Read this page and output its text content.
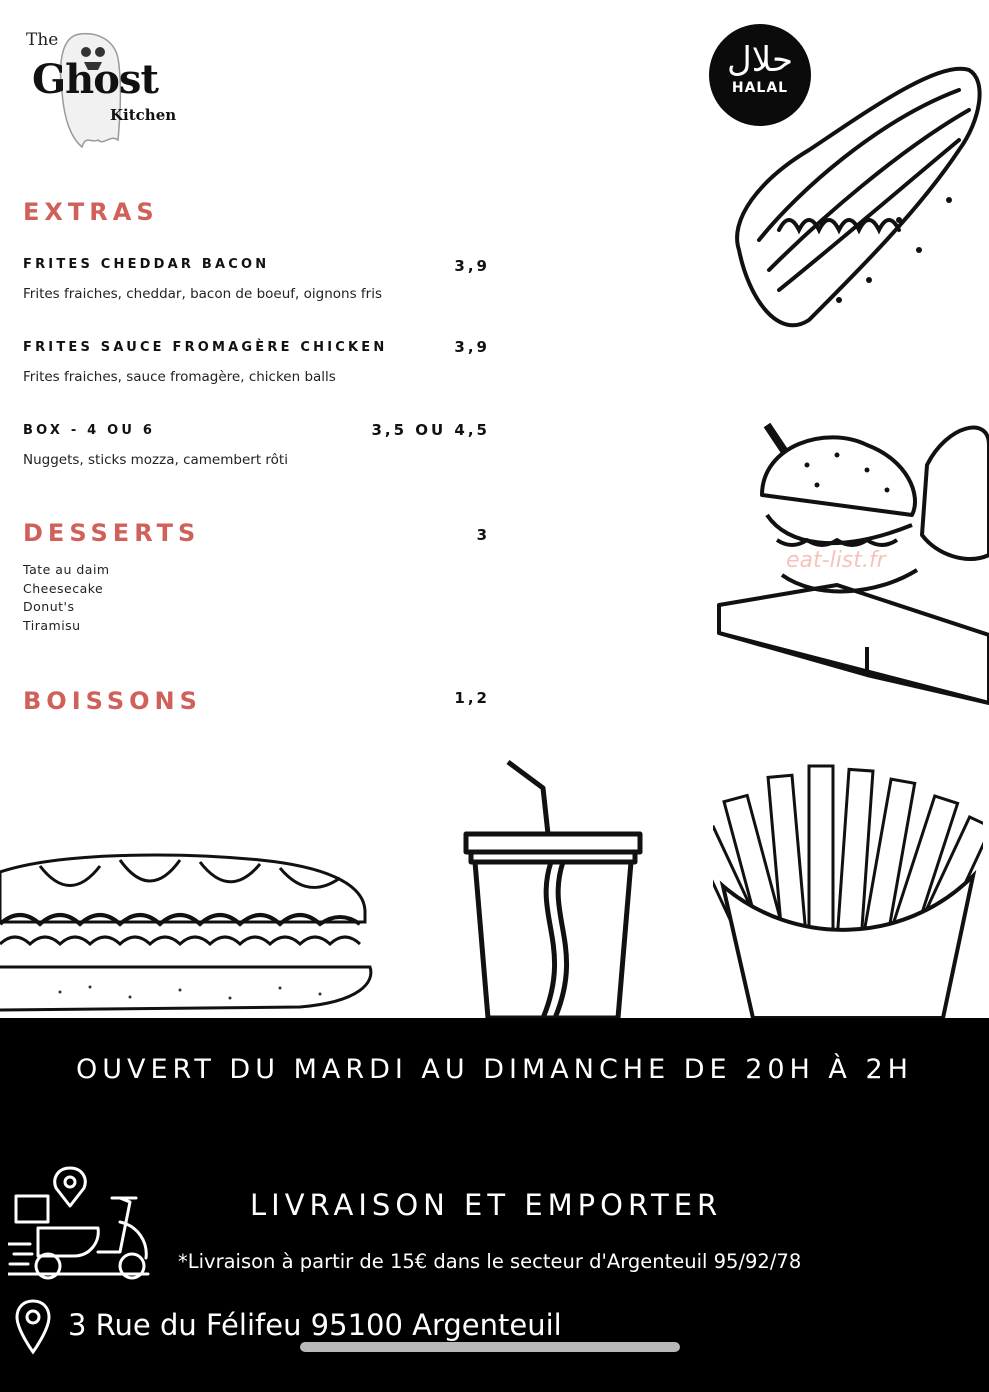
The
Ghost
Kitchen
حلال
HALAL
eat-list.fr
EXTRAS
FRITES CHEDDAR BACON	3,9
Frites fraiches, cheddar, bacon de boeuf, oignons fris
FRITES SAUCE FROMAGÈRE CHICKEN	3,9
Frites fraiches, sauce fromagère, chicken balls
BOX - 4 OU 6	3,5 OU 4,5
Nuggets, sticks mozza, camembert rôti
DESSERTS	3
Tate au daim
Cheesecake
Donut's
Tiramisu
BOISSONS	1,2
OUVERT DU MARDI AU DIMANCHE DE 20H À 2H
LIVRAISON ET EMPORTER
*Livraison à partir de 15€ dans le secteur d'Argenteuil 95/92/78
3 Rue du Félifeu 95100 Argenteuil
